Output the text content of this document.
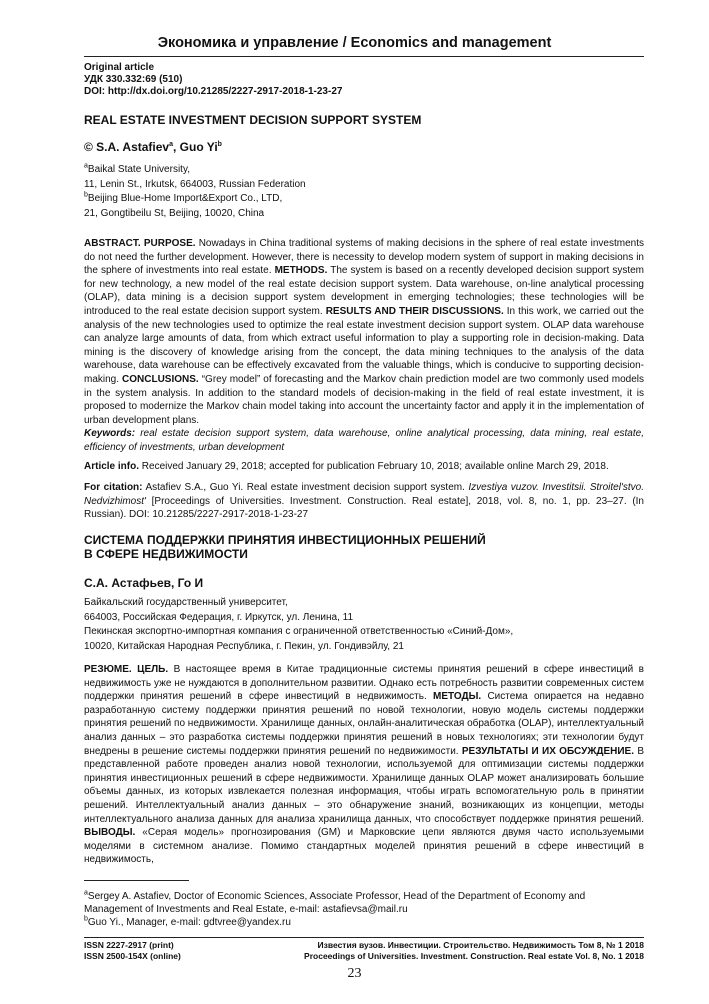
Экономика и управление / Economics and management
Original article
УДК 330.332:69 (510)
DOI: http://dx.doi.org/10.21285/2227-2917-2018-1-23-27
REAL ESTATE INVESTMENT DECISION SUPPORT SYSTEM
© S.A. Astafiev$^a$, Guo Yi$^b$
$^a$Baikal State University,
11, Lenin St., Irkutsk, 664003, Russian Federation
$^b$Beijing Blue-Home Import&Export Co., LTD,
21, Gongtibeilu St, Beijing, 10020, China
ABSTRACT. PURPOSE. Nowadays in China traditional systems of making decisions in the sphere of real estate investments do not need the further development. However, there is necessity to develop modern system of support in making decisions in the sphere of investments into real estate. METHODS. The system is based on a recently developed decision support system for new technology, a new model of the real estate decision support system. Data warehouse, on-line analytical processing (OLAP), data mining is a decision support system development in emerging technologies; these technologies will be introduced to the real estate decision support system. RESULTS AND THEIR DISCUSSIONS. In this work, we carried out the analysis of the new technologies used to optimize the real estate investment decision support system. OLAP data warehouse can analyze large amounts of data, from which extract useful information to play a supporting role in decision-making. Data mining is the discovery of knowledge arising from the concept, the data mining techniques to the analysis of the data warehouse, data warehouse can be effectively excavated from the valuable things, which is conducive to supporting decision-making. CONCLUSIONS. “Grey model” of forecasting and the Markov chain prediction model are two commonly used models in the system analysis. In addition to the standard models of decision-making in the field of real estate investment, it is proposed to modernize the Markov chain model taking into account the uncertainty factor and apply it in the implementation of urban development plans.
Keywords: real estate decision support system, data warehouse, online analytical processing, data mining, real estate, efficiency of investments, urban development
Article info. Received January 29, 2018; accepted for publication February 10, 2018; available online March 29, 2018.
For citation: Astafiev S.A., Guo Yi. Real estate investment decision support system. Izvestiya vuzov. Investitsii. Stroitel'stvo. Nedvizhimost' [Proceedings of Universities. Investment. Construction. Real estate], 2018, vol. 8, no. 1, pp. 23–27. (In Russian). DOI: 10.21285/2227-2917-2018-1-23-27
СИСТЕМА ПОДДЕРЖКИ ПРИНЯТИЯ ИНВЕСТИЦИОННЫХ РЕШЕНИЙ
В СФЕРЕ НЕДВИЖИМОСТИ
С.А. Астафьев, Го И
Байкальский государственный университет,
664003, Российская Федерация, г. Иркутск, ул. Ленина, 11
Пекинская экспортно-импортная компания с ограниченной ответственностью «Синий-Дом»,
10020, Китайская Народная Республика, г. Пекин, ул. Гондивэйлу, 21
РЕЗЮМЕ. ЦЕЛЬ. В настоящее время в Китае традиционные системы принятия решений в сфере инвестиций в недвижимость уже не нуждаются в дополнительном развитии. Однако есть потребность развитии современных систем поддержки принятия решений в сфере инвестиций в недвижимость. МЕТОДЫ. Система опирается на недавно разработанную систему поддержки принятия решений по новой технологии, новую модель системы поддержки принятия решений по недвижимости. Хранилище данных, онлайн-аналитическая обработка (OLAP), интеллектуальный анализ данных – это разработка системы поддержки принятия решений в новых технологиях; эти технологии будут внедрены в решение системы поддержки принятия решений по недвижимости. РЕЗУЛЬТАТЫ И ИХ ОБСУЖДЕНИЕ. В представленной работе проведен анализ новой технологии, используемой для оптимизации системы поддержки принятия инвестиционных решений в сфере недвижимости. Хранилище данных OLAP может анализировать большие объемы данных, из которых извлекается полезная информация, чтобы играть вспомогательную роль в принятии решений. Интеллектуальный анализ данных – это обнаружение знаний, возникающих из концепции, методы интеллектуального анализа данных для анализа хранилища данных, что способствует поддержке принятия решений. ВЫВОДЫ. «Серая модель» прогнозирования (GM) и Марковские цепи являются двумя часто используемыми моделями в системном анализе. Помимо стандартных моделей принятия решений в сфере инвестиций в недвижимость,
$^a$Sergey A. Astafiev, Doctor of Economic Sciences, Associate Professor, Head of the Department of Economy and Management of Investments and Real Estate, e-mail: astafievsa@mail.ru
$^b$Guo Yi., Manager, e-mail: gdtvree@yandex.ru
ISSN 2227-2917 (print)
ISSN 2500-154X (online)
Известия вузов. Инвестиции. Строительство. Недвижимость Том 8, № 1 2018
Proceedings of Universities. Investment. Construction. Real estate Vol. 8, No. 1 2018
23
